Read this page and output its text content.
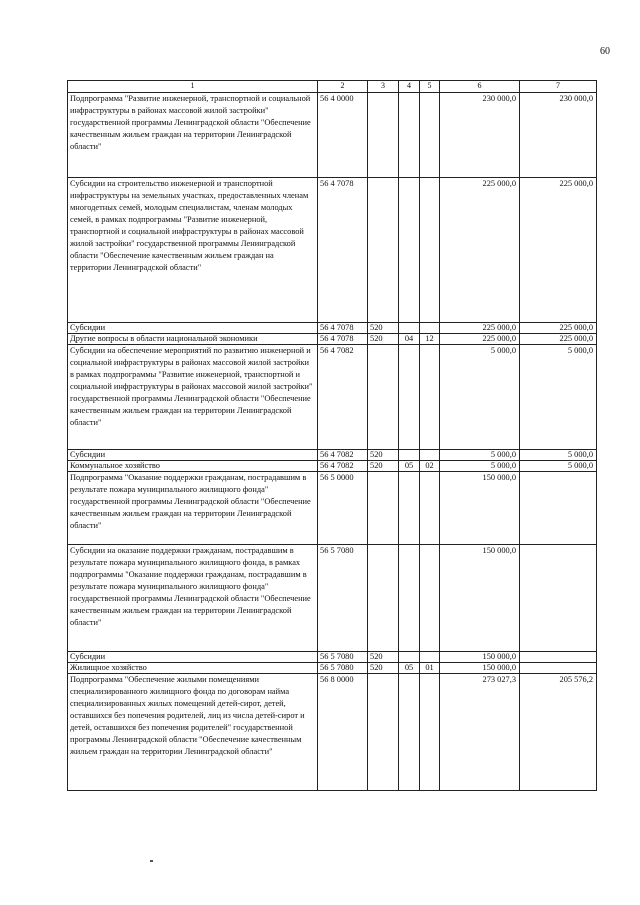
60
1	2	3	4	5	6	7
Подпрограмма "Развитие инженерной, транспортной и социальной инфраструктуры в районах массовой жилой застройки" государственной программы Ленинградской области "Обеспечение качественным жильем граждан на территории Ленинградской области"	56 4 0000				230 000,0	230 000,0
Субсидии на строительство инженерной и транспортной инфраструктуры на земельных участках, предоставленных членам многодетных семей, молодым специалистам, членам молодых семей, в рамках подпрограммы "Развитие инженерной, транспортной и социальной инфраструктуры в районах массовой жилой застройки" государственной программы Ленинградской области "Обеспечение качественным жильем граждан на территории Ленинградской области"	56 4 7078				225 000,0	225 000,0
Субсидии	56 4 7078	520			225 000,0	225 000,0
Другие вопросы в области национальной экономики	56 4 7078	520	04	12	225 000,0	225 000,0
Субсидии на обеспечение мероприятий по развитию инженерной и социальной инфраструктуры в районах массовой жилой застройки в рамках подпрограммы "Развитие инженерной, транспортной и социальной инфраструктуры в районах массовой жилой застройки" государственной программы Ленинградской области "Обеспечение качественным жильем граждан на территории Ленинградской области"	56 4 7082				5 000,0	5 000,0
Субсидии	56 4 7082	520			5 000,0	5 000,0
Коммунальное хозяйство	56 4 7082	520	05	02	5 000,0	5 000,0
Подпрограмма "Оказание поддержки гражданам, пострадавшим в результате пожара муниципального жилищного фонда" государственной программы Ленинградской области "Обеспечение качественным жильем граждан на территории Ленинградской области"	56 5 0000				150 000,0	
Субсидии на оказание поддержки гражданам, пострадавшим в результате пожара муниципального жилищного фонда, в рамках подпрограммы "Оказание поддержки гражданам, пострадавшим в результате пожара муниципального жилищного фонда" государственной программы Ленинградской области "Обеспечение качественным жильем граждан на территории Ленинградской области"	56 5 7080				150 000,0	
Субсидии	56 5 7080	520			150 000,0	
Жилищное хозяйство	56 5 7080	520	05	01	150 000,0	
Подпрограмма "Обеспечение жилыми помещениями специализированного жилищного фонда по договорам найма специализированных жилых помещений детей-сирот, детей, оставшихся без попечения родителей, лиц из числа детей-сирот и детей, оставшихся без попечения родителей" государственной программы Ленинградской области "Обеспечение качественным жильем граждан на территории Ленинградской области"	56 8 0000				273 027,3	205 576,2
